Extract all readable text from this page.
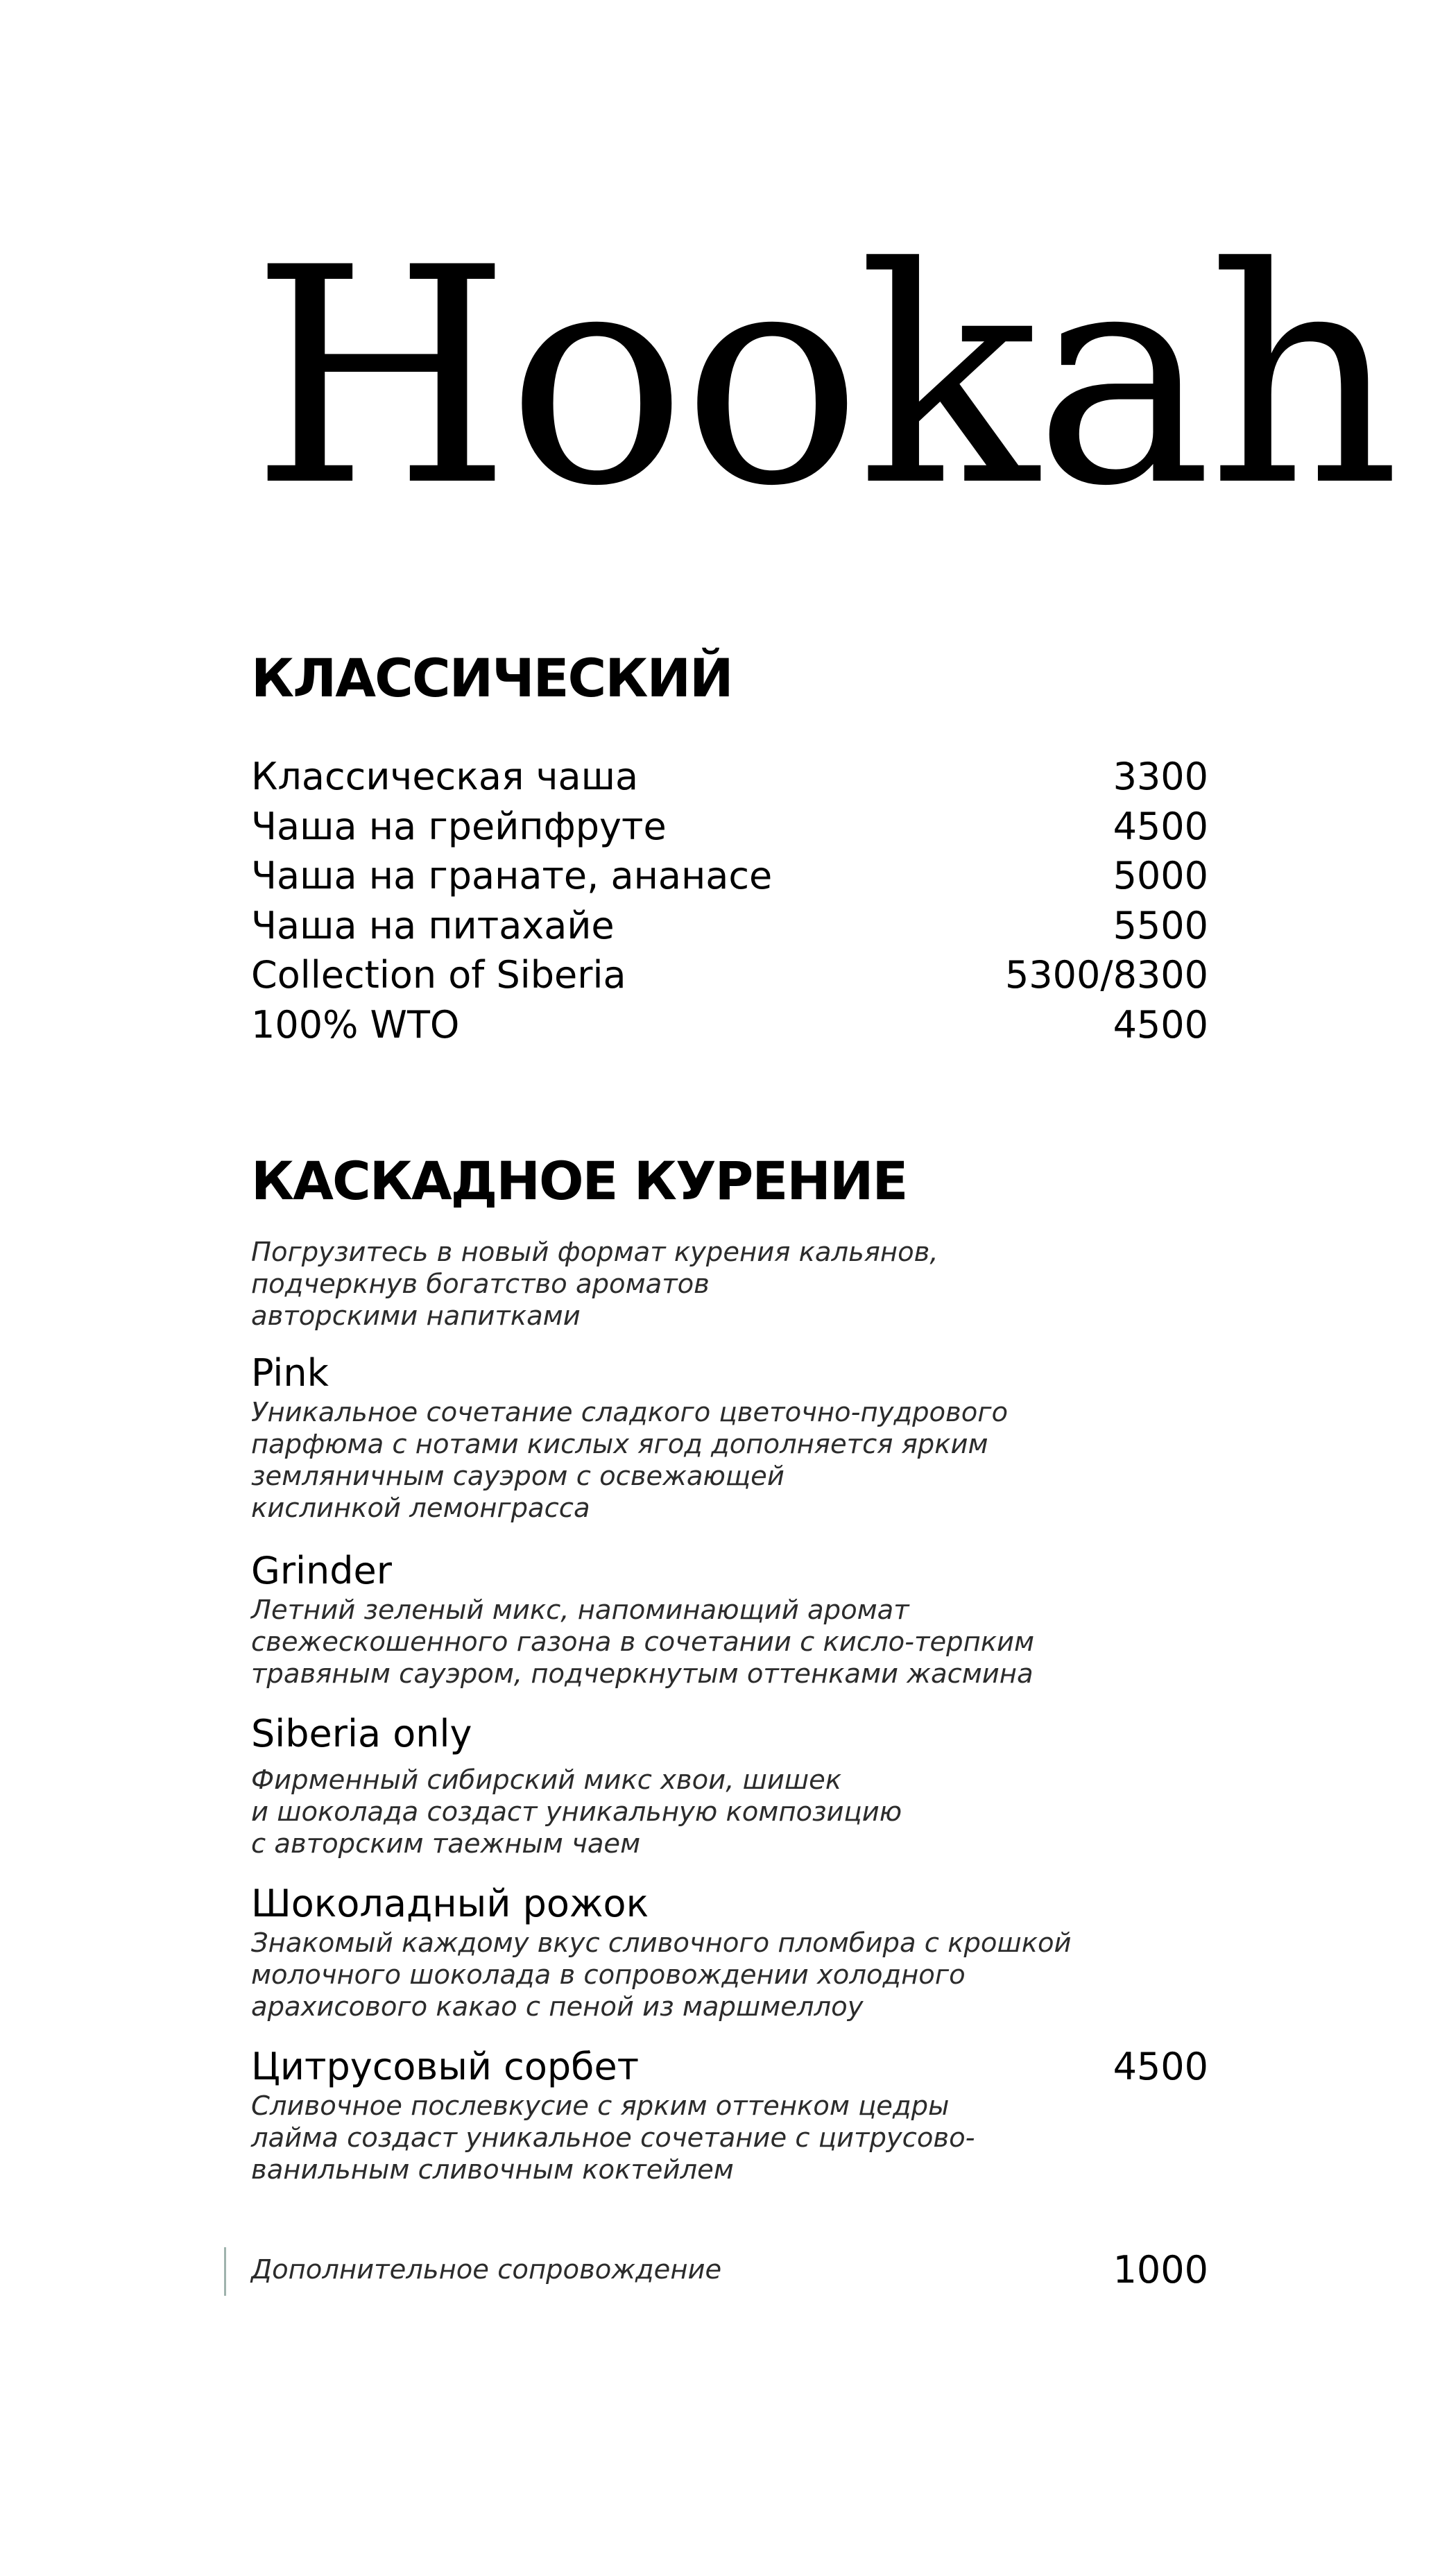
Hookah
КЛАССИЧЕСКИЙ
Классическая чаша	3300
Чаша на грейпфруте	4500
Чаша на гранате, ананасе	5000
Чаша на питахайе	5500
Collection of Siberia	5300/8300
100% WTO	4500
КАСКАДНОЕ КУРЕНИЕ

Погрузитесь в новый формат курения кальянов,
подчеркнув богатство ароматов
авторскими напитками

Pink

Уникальное сочетание сладкого цветочно-пудрового
парфюма с нотами кислых ягод дополняется ярким
земляничным сауэром с освежающей
кислинкой лемонграсса

Grinder

Летний зеленый микс, напоминающий аромат
свежескошенного газона в сочетании с кисло-терпким
травяным сауэром, подчеркнутым оттенками жасмина

Siberia only

Фирменный сибирский микс хвои, шишек
и шоколада создаст уникальную композицию
с авторским таежным чаем

Шоколадный рожок

Знакомый каждому вкус сливочного пломбира с крошкой
молочного шоколада в сопровождении холодного
арахисового какао с пеной из маршмеллоу

Цитрусовый сорбет	4500

Сливочное послевкусие с ярким оттенком цедры
лайма создаст уникальное сочетание с цитрусово-
ванильным сливочным коктейлем

Дополнительное сопровождение	1000
